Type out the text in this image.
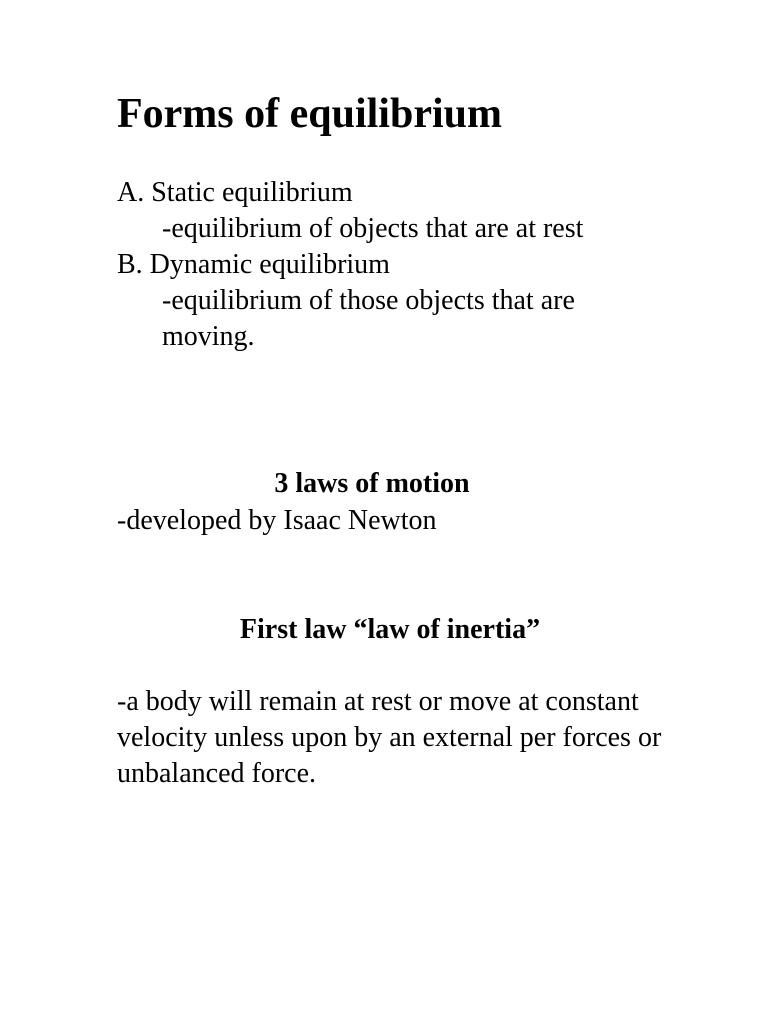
Forms of equilibrium
A. Static equilibrium
-equilibrium of objects that are at rest
B. Dynamic equilibrium
-equilibrium of those objects that are moving.
3 laws of motion

-developed by Isaac Newton

First law “law of inertia”

-a body will remain at rest or move at constant velocity unless upon by an external per forces or unbalanced force.
